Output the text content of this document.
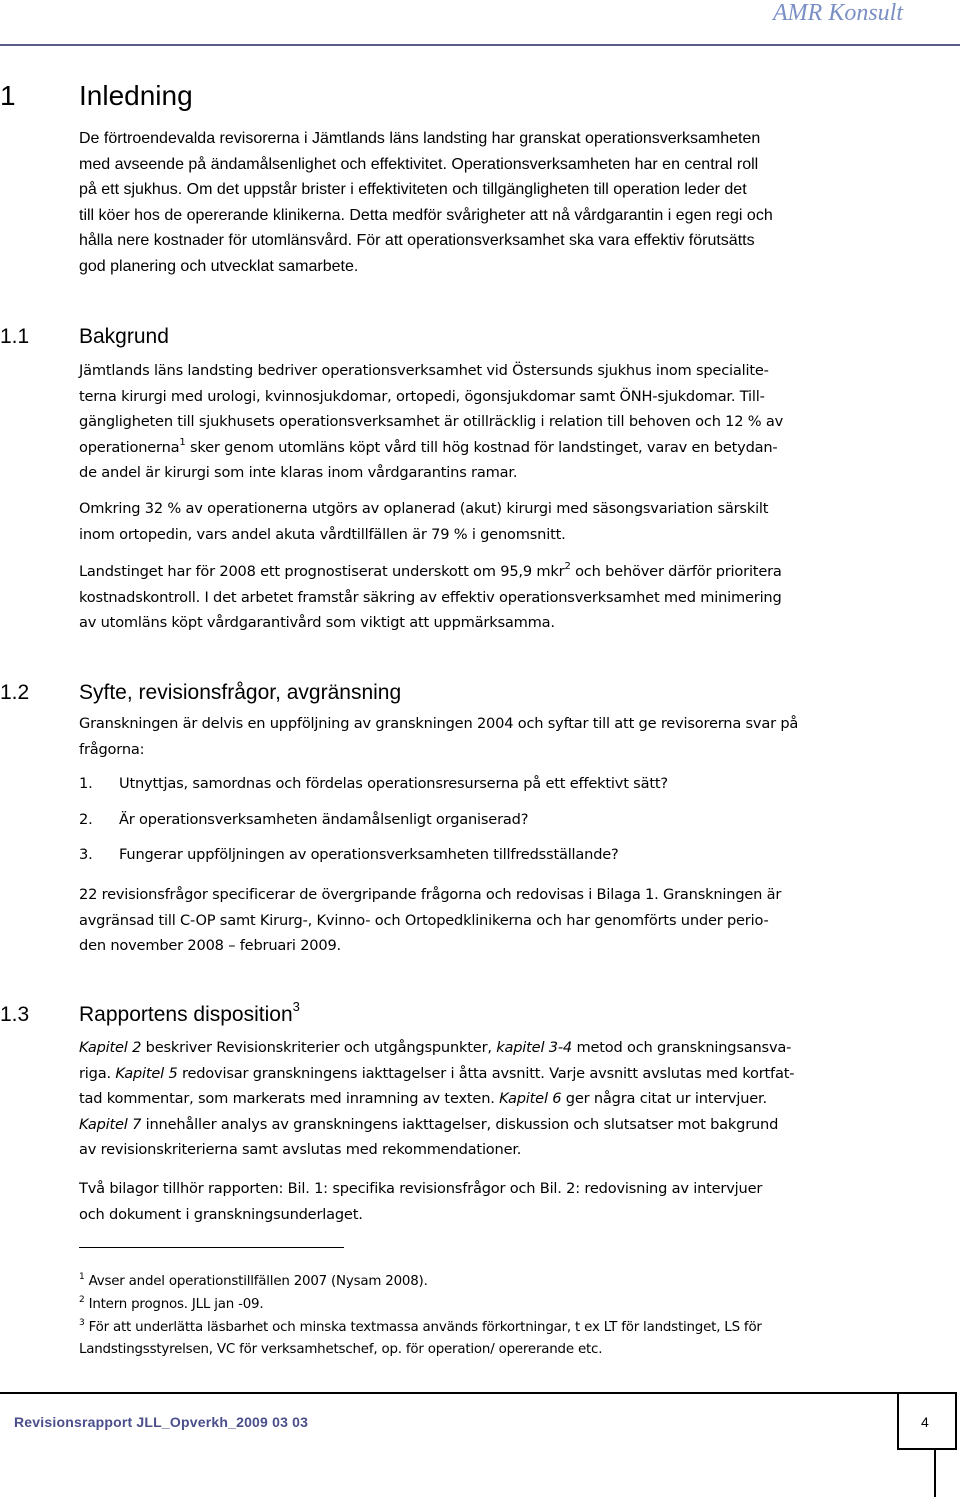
AMR Konsult
1 Inledning
De förtroendevalda revisorerna i Jämtlands läns landsting har granskat operationsverksamheten
med avseende på ändamålsenlighet och effektivitet. Operationsverksamheten har en central roll
på ett sjukhus. Om det uppstår brister i effektiviteten och tillgängligheten till operation leder det
till köer hos de opererande klinikerna. Detta medför svårigheter att nå vårdgarantin i egen regi och
hålla nere kostnader för utomlänsvård. För att operationsverksamhet ska vara effektiv förutsätts
god planering och utvecklat samarbete.
1.1 Bakgrund
Jämtlands läns landsting bedriver operationsverksamhet vid Östersunds sjukhus inom specialite-
terna kirurgi med urologi, kvinnosjukdomar, ortopedi, ögonsjukdomar samt ÖNH-sjukdomar. Till-
gängligheten till sjukhusets operationsverksamhet är otillräcklig i relation till behoven och 12 % av
operationerna$^1$ sker genom utomläns köpt vård till hög kostnad för landstinget, varav en betydan-
de andel är kirurgi som inte klaras inom vårdgarantins ramar.
Omkring 32 % av operationerna utgörs av oplanerad (akut) kirurgi med säsongsvariation särskilt
inom ortopedin, vars andel akuta vårdtillfällen är 79 % i genomsnitt.
Landstinget har för 2008 ett prognostiserat underskott om 95,9 mkr$^2$ och behöver därför prioritera
kostnadskontroll. I det arbetet framstår säkring av effektiv operationsverksamhet med minimering
av utomläns köpt vårdgarantivård som viktigt att uppmärksamma.
1.2 Syfte, revisionsfrågor, avgränsning
Granskningen är delvis en uppföljning av granskningen 2004 och syftar till att ge revisorerna svar på
frågorna:
1. Utnyttjas, samordnas och fördelas operationsresurserna på ett effektivt sätt?
2. Är operationsverksamheten ändamålsenligt organiserad?
3. Fungerar uppföljningen av operationsverksamheten tillfredsställande?
22 revisionsfrågor specificerar de övergripande frågorna och redovisas i Bilaga 1. Granskningen är
avgränsad till C-OP samt Kirurg-, Kvinno- och Ortopedklinikerna och har genomförts under perio-
den november 2008 – februari 2009.
1.3 Rapportens disposition$^3$
Kapitel 2 beskriver Revisionskriterier och utgångspunkter, kapitel 3-4 metod och granskningsansva-
riga. Kapitel 5 redovisar granskningens iakttagelser i åtta avsnitt. Varje avsnitt avslutas med kortfat-
tad kommentar, som markerats med inramning av texten. Kapitel 6 ger några citat ur intervjuer.
Kapitel 7 innehåller analys av granskningens iakttagelser, diskussion och slutsatser mot bakgrund
av revisionskriterierna samt avslutas med rekommendationer.
Två bilagor tillhör rapporten: Bil. 1: specifika revisionsfrågor och Bil. 2: redovisning av intervjuer
och dokument i granskningsunderlaget.
$^1$ Avser andel operationstillfällen 2007 (Nysam 2008).
$^2$ Intern prognos. JLL jan -09.
$^3$ För att underlätta läsbarhet och minska textmassa används förkortningar, t ex LT för landstinget, LS för
Landstingsstyrelsen, VC för verksamhetschef, op. för operation/ opererande etc.
Revisionsrapport JLL_Opverkh_2009 03 03	4
